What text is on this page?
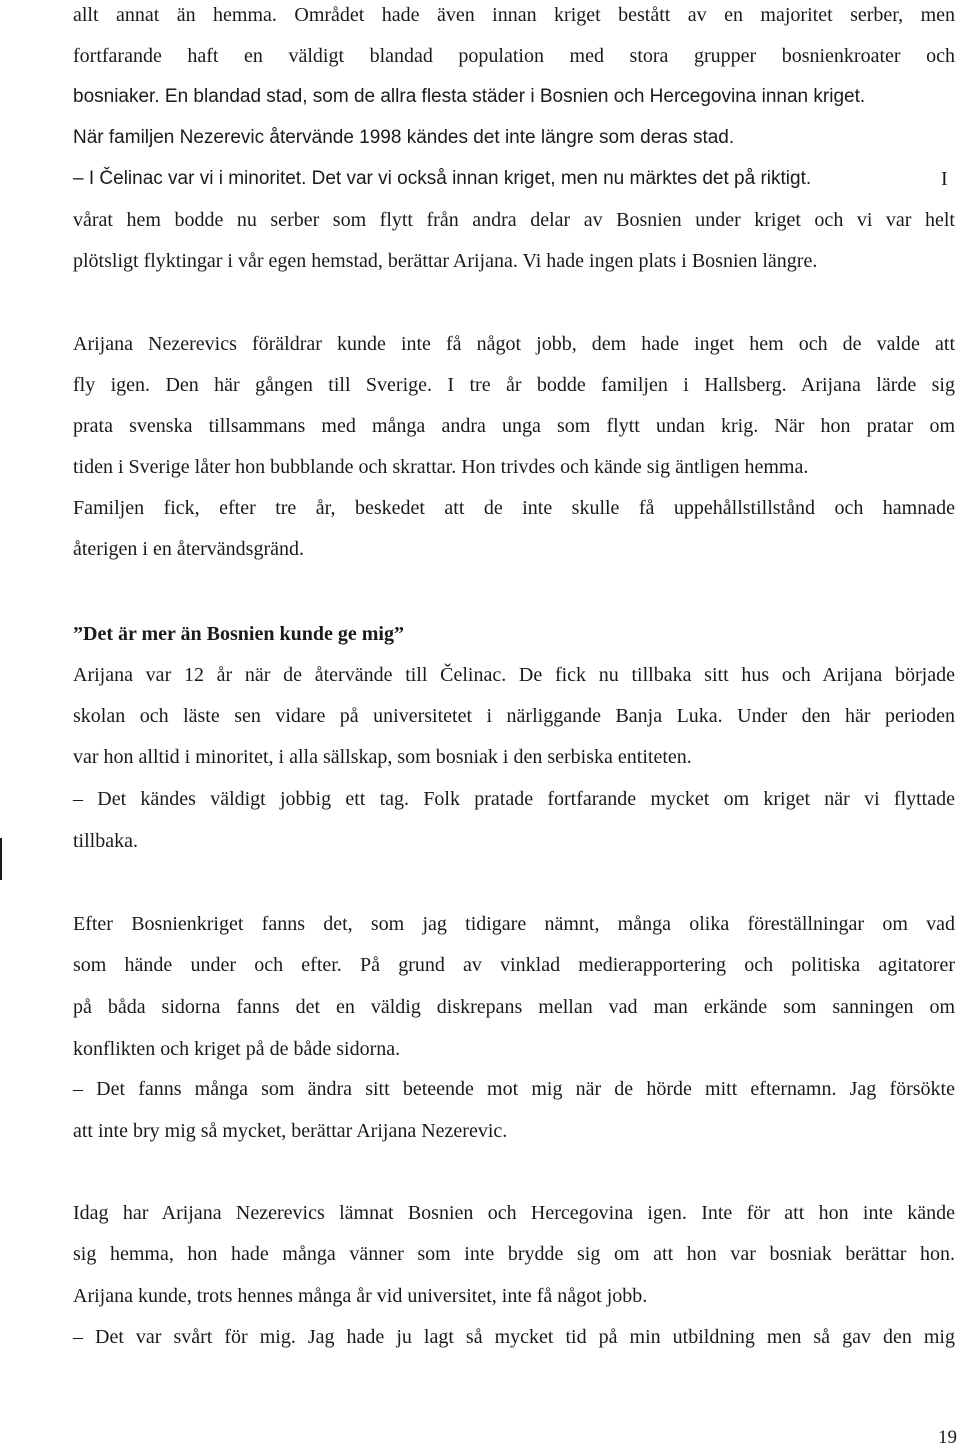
allt annat än hemma. Området hade även innan kriget bestått av en majoritet serber, men
fortfarande haft en väldigt blandad population med stora grupper bosnienkroater och
bosniaker. En blandad stad, som de allra flesta städer i Bosnien och Hercegovina innan kriget.
När familjen Nezerevic återvände 1998 kändes det inte längre som deras stad.
– I Čelinac var vi i minoritet. Det var vi också innan kriget, men nu märktes det på riktigt.	I
vårat hem bodde nu serber som flytt från andra delar av Bosnien under kriget och vi var helt
plötsligt flyktingar i vår egen hemstad, berättar Arijana. Vi hade ingen plats i Bosnien längre.
Arijana Nezerevics föräldrar kunde inte få något jobb, dem hade inget hem och de valde att
fly igen. Den här gången till Sverige. I tre år bodde familjen i Hallsberg. Arijana lärde sig
prata svenska tillsammans med många andra unga som flytt undan krig. När hon pratar om
tiden i Sverige låter hon bubblande och skrattar. Hon trivdes och kände sig äntligen hemma.
Familjen fick, efter tre år, beskedet att de inte skulle få uppehållstillstånd och hamnade
återigen i en återvändsgränd.
”Det är mer än Bosnien kunde ge mig”
Arijana var 12 år när de återvände till Čelinac. De fick nu tillbaka sitt hus och Arijana började
skolan och läste sen vidare på universitetet i närliggande Banja Luka. Under den här perioden
var hon alltid i minoritet, i alla sällskap, som bosniak i den serbiska entiteten.
– Det kändes väldigt jobbig ett tag. Folk pratade fortfarande mycket om kriget när vi flyttade
tillbaka.
Efter Bosnienkriget fanns det, som jag tidigare nämnt, många olika föreställningar om vad
som hände under och efter. På grund av vinklad medierapportering och politiska agitatorer
på båda sidorna fanns det en väldig diskrepans mellan vad man erkände som sanningen om
konflikten och kriget på de både sidorna.
– Det fanns många som ändra sitt beteende mot mig när de hörde mitt efternamn. Jag försökte
att inte bry mig så mycket, berättar Arijana Nezerevic.
Idag har Arijana Nezerevics lämnat Bosnien och Hercegovina igen. Inte för att hon inte kände
sig hemma, hon hade många vänner som inte brydde sig om att hon var bosniak berättar hon.
Arijana kunde, trots hennes många år vid universitet, inte få något jobb.
– Det var svårt för mig. Jag hade ju lagt så mycket tid på min utbildning men så gav den mig
19
